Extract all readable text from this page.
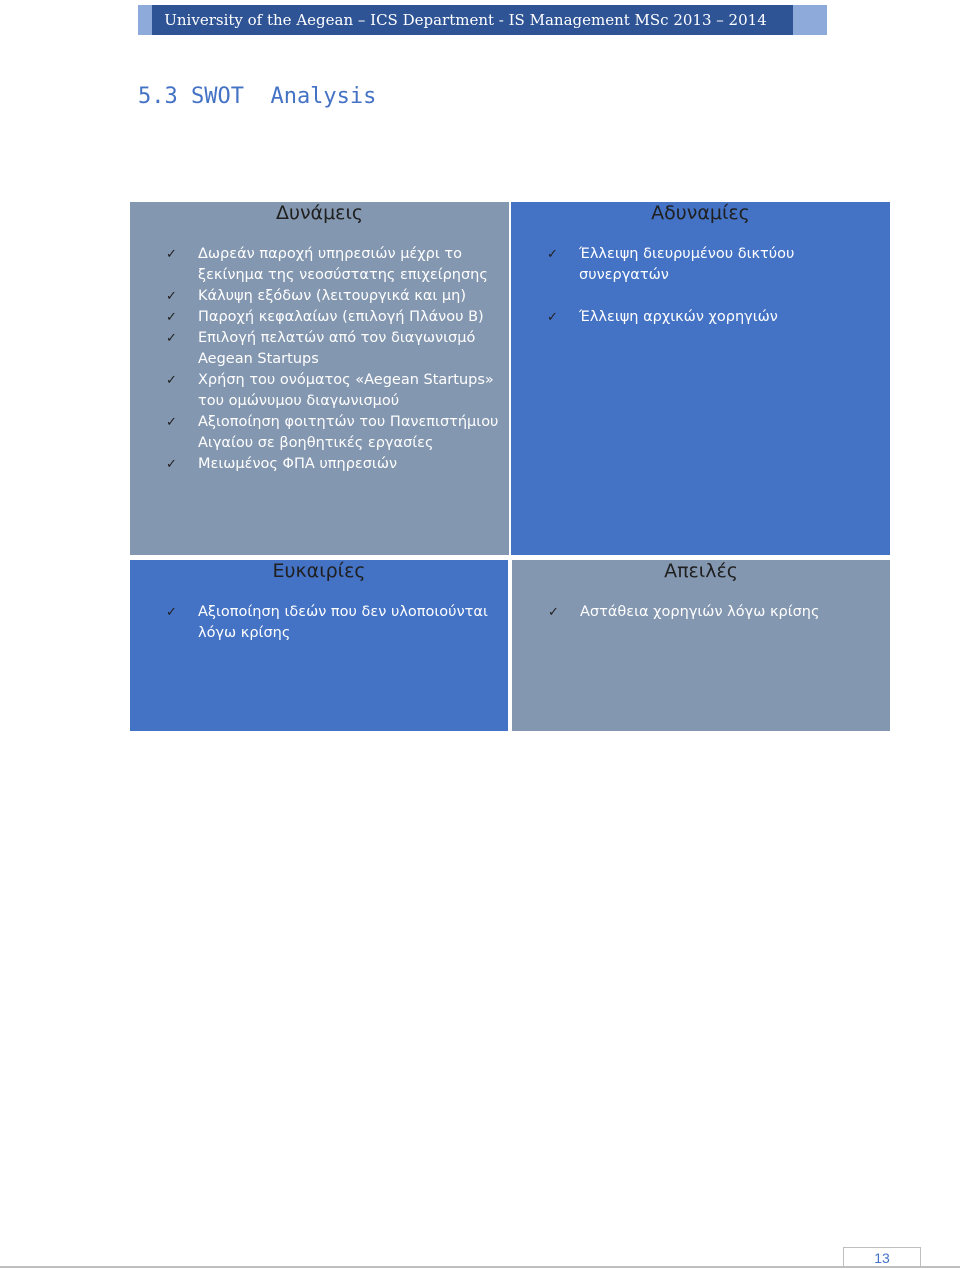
University of the Aegean – ICS Department - IS Management MSc 2013 – 2014
5.3 SWOT  Analysis
Δυνάμεις
✓ Δωρεάν παροχή υπηρεσιών μέχρι το ξεκίνημα της νεοσύστατης επιχείρησης
✓ Κάλυψη εξόδων (λειτουργικά και μη)
✓ Παροχή κεφαλαίων (επιλογή Πλάνου Β)
✓ Επιλογή πελατών από τον διαγωνισμό Aegean Startups
✓ Χρήση του ονόματος «Aegean Startups» του ομώνυμου διαγωνισμού
✓ Αξιοποίηση φοιτητών του Πανεπιστήμιου Αιγαίου σε βοηθητικές εργασίες
✓ Μειωμένος ΦΠΑ υπηρεσιών
Αδυναμίες
✓ Έλλειψη διευρυμένου δικτύου συνεργατών
✓ Έλλειψη αρχικών χορηγιών
Ευκαιρίες
✓ Αξιοποίηση ιδεών που δεν υλοποιούνται λόγω κρίσης
Απειλές
✓ Αστάθεια χορηγιών λόγω κρίσης
13
